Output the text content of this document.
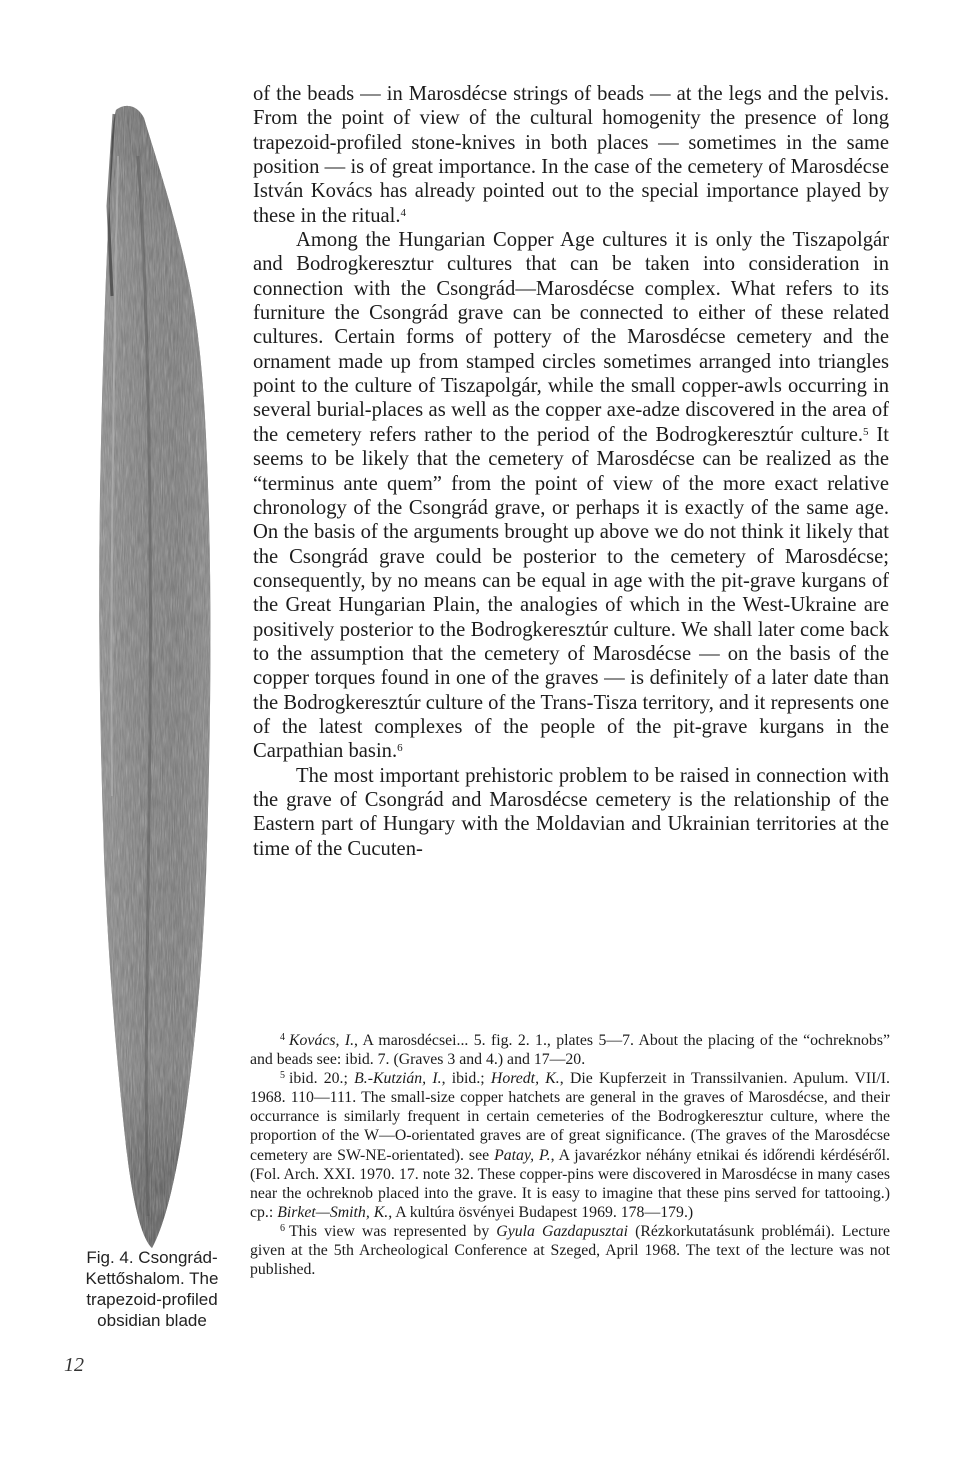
Fig. 4. Csongrád-
Kettőshalom. The
trapezoid-profiled
obsidian blade

of the beads — in Marosdécse strings of beads — at the legs and the pelvis. From the point of view of the cultural homogenity the presence of long trapezoid-profiled stone-knives in both places — sometimes in the same position — is of great importance. In the case of the cemetery of Marosdécse István Kovács has already pointed out to the special importance played by these in the ritual.$^4$

Among the Hungarian Copper Age cultures it is only the Tiszapolgár and Bodrogkeresztur cultures that can be taken into consideration in connection with the Csongrád—Marosdécse complex. What refers to its furniture the Csongrád grave can be connected to either of these related cultures. Certain forms of pottery of the Marosdécse cemetery and the ornament made up from stamped circles sometimes arranged into triangles point to the culture of Tiszapolgár, while the small copper-awls occurring in several burial-places as well as the copper axe-adze discovered in the area of the cemetery refers rather to the period of the Bodrogkeresztúr culture.$^5$ It seems to be likely that the cemetery of Marosdécse can be realized as the “terminus ante quem” from the point of view of the more exact relative chronology of the Csongrád grave, or perhaps it is exactly of the same age. On the basis of the arguments brought up above we do not think it likely that the Csongrád grave could be posterior to the cemetery of Marosdécse; consequently, by no means can be equal in age with the pit-grave kurgans of the Great Hungarian Plain, the analogies of which in the West-Ukraine are positively posterior to the Bodrogkeresztúr culture. We shall later come back to the assumption that the cemetery of Marosdécse — on the basis of the copper torques found in one of the graves — is definitely of a later date than the Bodrogkeresztúr culture of the Trans-Tisza territory, and it represents one of the latest complexes of the people of the pit-grave kurgans in the Carpathian basin.$^6$

The most important prehistoric problem to be raised in connection with the grave of Csongrád and Marosdécse cemetery is the relationship of the Eastern part of Hungary with the Moldavian and Ukrainian territories at the time of the Cucuten-

$^4$ Kovács, I., A marosdécsei... 5. fig. 2. 1., plates 5—7. About the placing of the “ochreknobs” and beads see: ibid. 7. (Graves 3 and 4.) and 17—20.

$^5$ ibid. 20.; B.-Kutzián, I., ibid.; Horedt, K., Die Kupferzeit in Transsilvanien. Apulum. VII/I. 1968. 110—111. The small-size copper hatchets are general in the graves of Marosdécse, and their occurrance is similarly frequent in certain cemeteries of the Bodrogkeresztur culture, where the proportion of the W—O-orientated graves are of great significance. (The graves of the Marosdécse cemetery are SW-NE-orientated). see Patay, P., A javarézkor néhány etnikai és időrendi kérdéséről. (Fol. Arch. XXI. 1970. 17. note 32. These copper-pins were discovered in Marosdécse in many cases near the ochreknob placed into the grave. It is easy to imagine that these pins served for tattooing.) cp.: Birket—Smith, K., A kultúra ösvényei Budapest 1969. 178—179.)

$^6$ This view was represented by Gyula Gazdapusztai (Rézkorkutatásunk problémái). Lecture given at the 5th Archeological Conference at Szeged, April 1968. The text of the lecture was not published.

12
